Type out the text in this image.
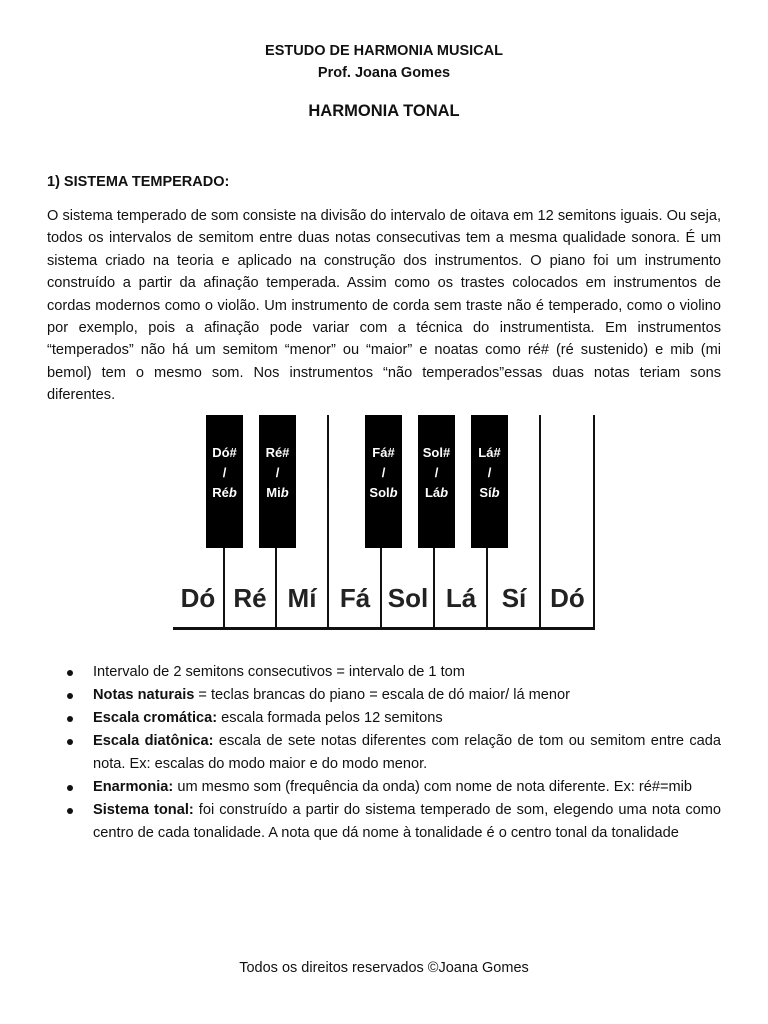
ESTUDO DE HARMONIA MUSICAL
Prof. Joana Gomes
HARMONIA TONAL
1) SISTEMA TEMPERADO:

O sistema temperado de som consiste na divisão do intervalo de oitava em 12 semitons iguais. Ou seja, todos os intervalos de semitom entre duas notas consecutivas tem a mesma qualidade sonora. É um sistema criado na teoria e aplicado na construção dos instrumentos. O piano foi um instrumento construído a partir da afinação temperada. Assim como os trastes colocados em instrumentos de cordas modernos como o violão. Um instrumento de corda sem traste não é temperado, como o violino por exemplo, pois a afinação pode variar com a técnica do instrumentista. Em instrumentos “temperados” não há um semitom “menor” ou “maior” e noatas como ré# (ré sustenido) e mib (mi bemol) tem o mesmo som. Nos instrumentos “não temperados”essas duas notas teriam sons diferentes.

Dó Ré Mí Fá Sol Lá Sí Dó
Dó#
/
Réb
Ré#
/
Mib
Fá#
/
Solb
Sol#
/
Láb
Lá#
/
Síb
Intervalo de 2 semitons consecutivos = intervalo de 1 tom
Notas naturais = teclas brancas do piano = escala de dó maior/ lá menor
Escala cromática: escala formada pelos 12 semitons
Escala diatônica: escala de sete notas diferentes com relação de tom ou semitom entre cada nota. Ex: escalas do modo maior e do modo menor.
Enarmonia: um mesmo som (frequência da onda) com nome de nota diferente. Ex: ré#=mib
Sistema tonal: foi construído a partir do sistema temperado de som, elegendo uma nota como centro de cada tonalidade. A nota que dá nome à tonalidade é o centro tonal da tonalidade
Todos os direitos reservados ©Joana Gomes
